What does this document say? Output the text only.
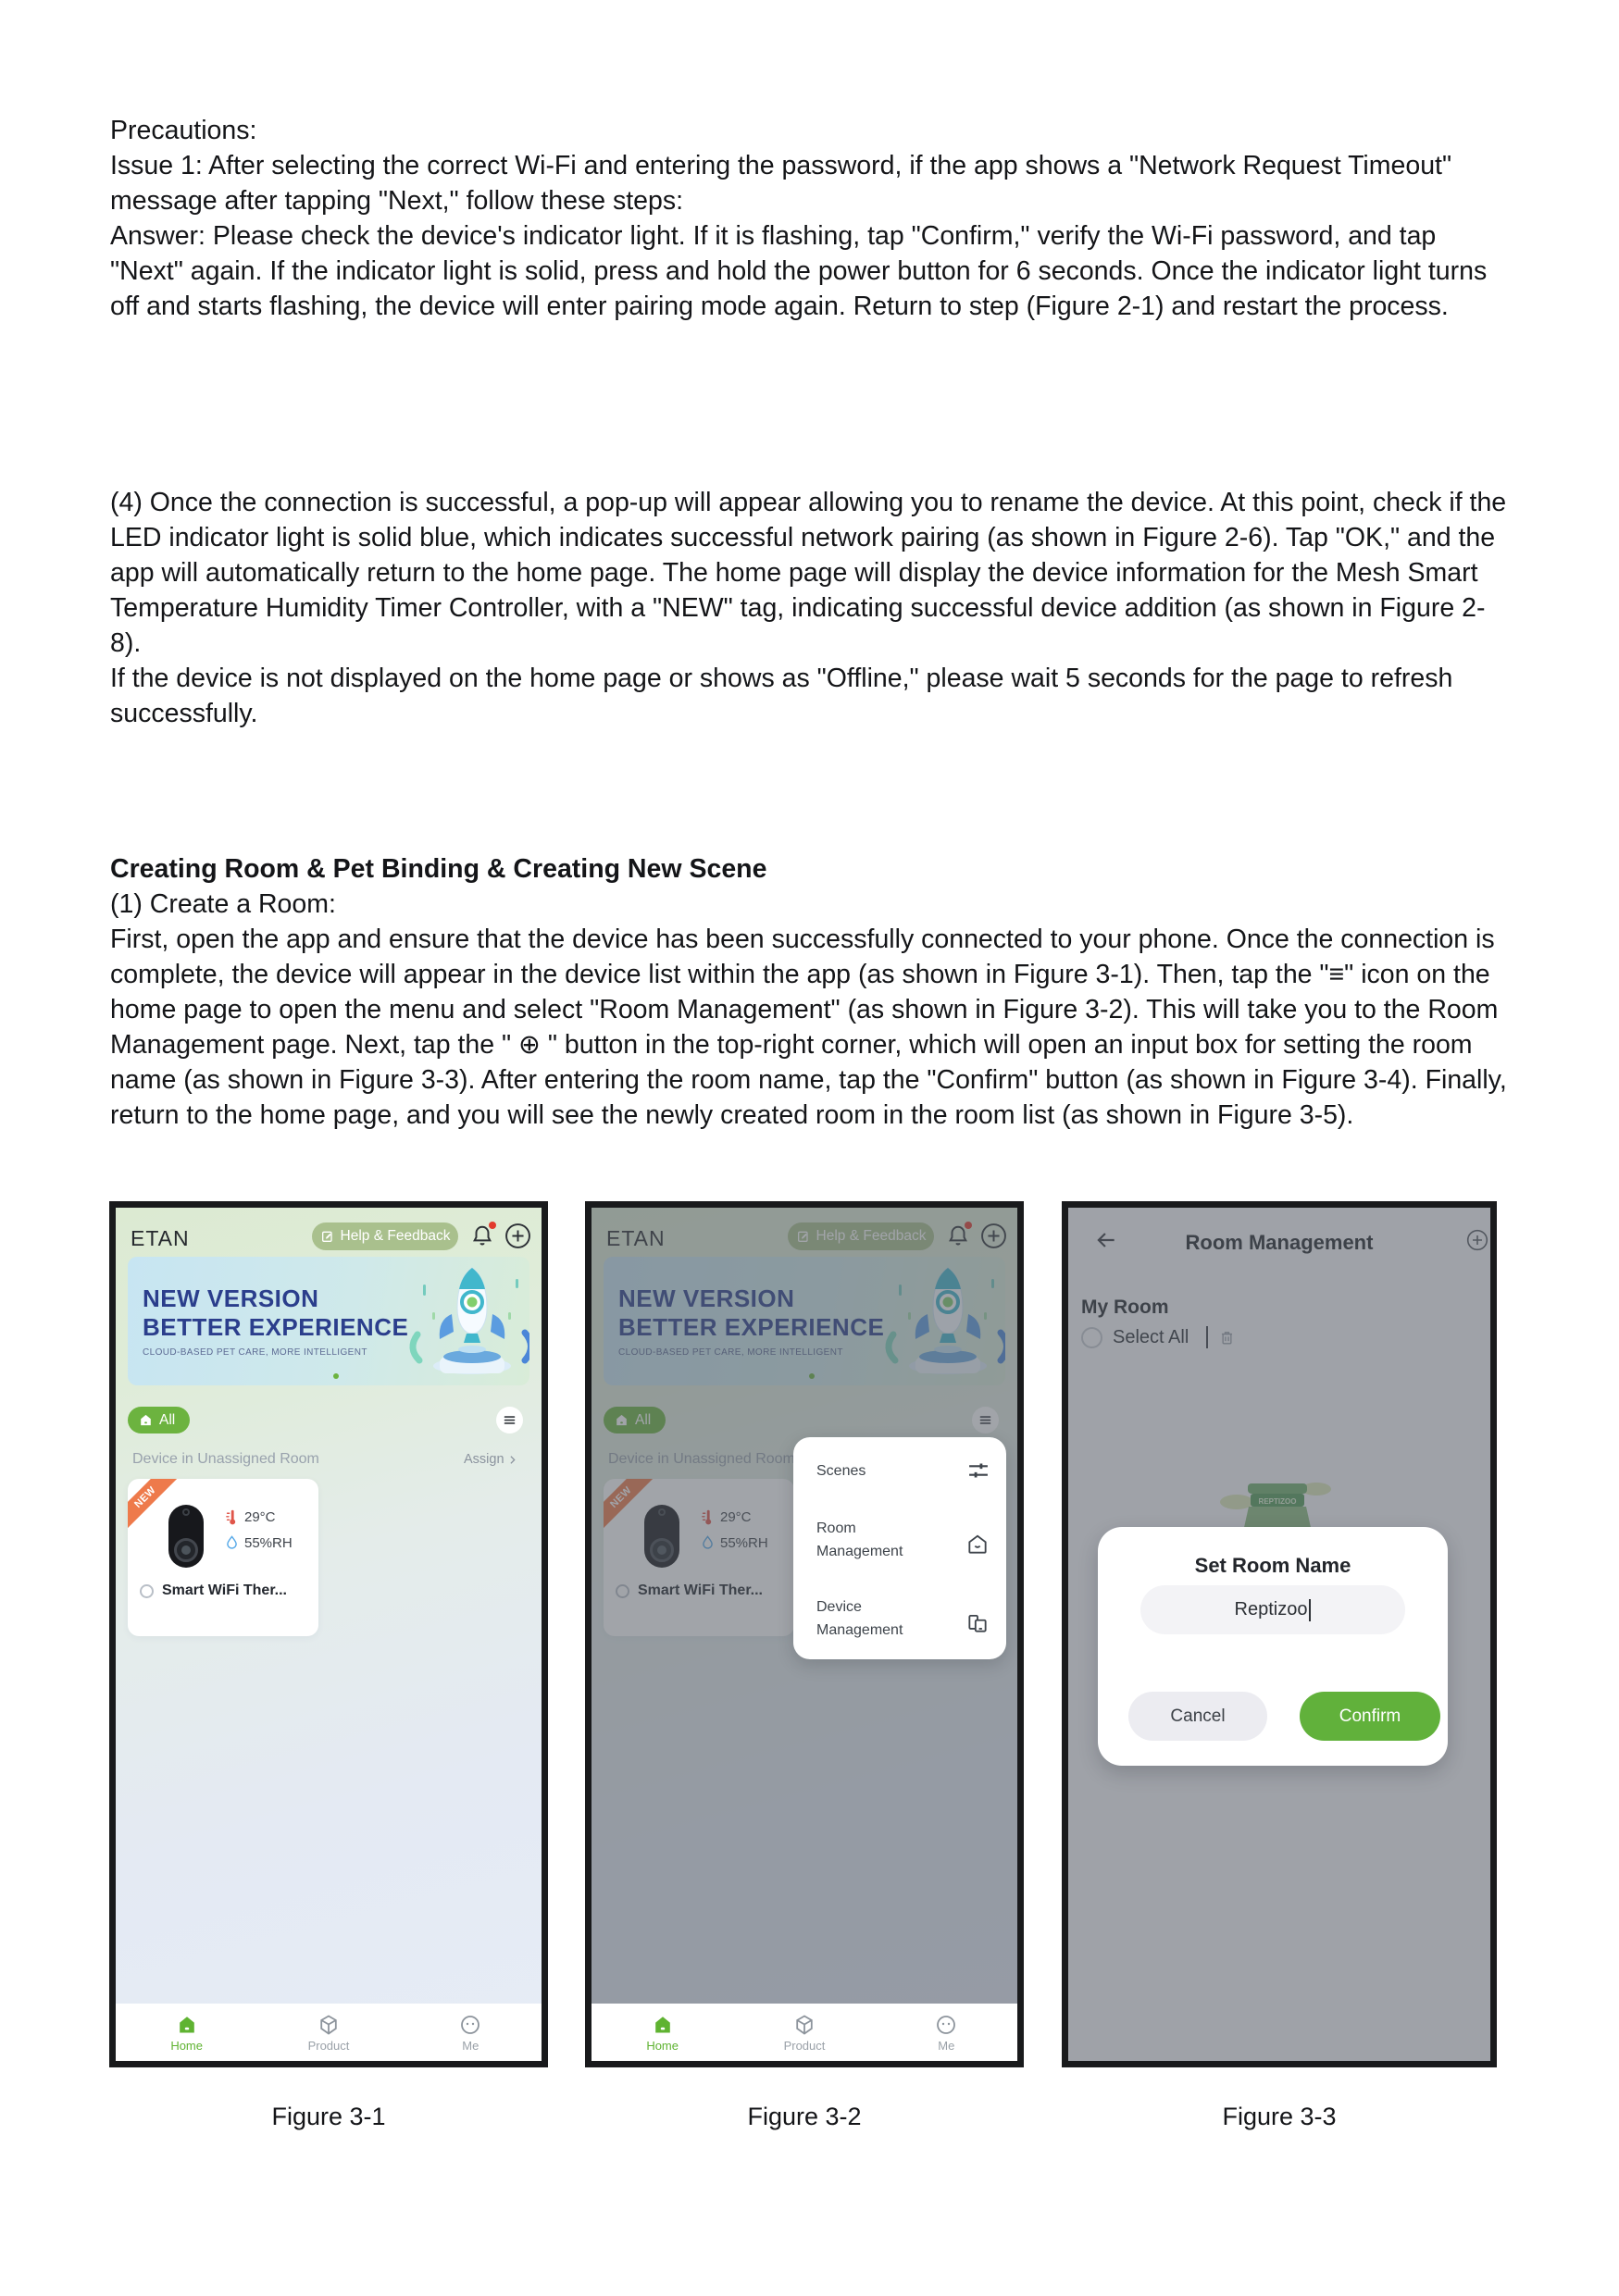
Precautions:
Issue 1: After selecting the correct Wi-Fi and entering the password, if the app shows a "Network Request Timeout" message after tapping "Next," follow these steps:
Answer: Please check the device's indicator light. If it is flashing, tap "Confirm," verify the Wi-Fi password, and tap "Next" again. If the indicator light is solid, press and hold the power button for 6 seconds. Once the indicator light turns off and starts flashing, the device will enter pairing mode again. Return to step (Figure 2-1) and restart the process.
(4) Once the connection is successful, a pop-up will appear allowing you to rename the device. At this point, check if the LED indicator light is solid blue, which indicates successful network pairing (as shown in Figure 2-6). Tap "OK," and the app will automatically return to the home page. The home page will display the device information for the Mesh Smart Temperature Humidity Timer Controller, with a "NEW" tag, indicating successful device addition (as shown in Figure 2-8).
If the device is not displayed on the home page or shows as "Offline," please wait 5 seconds for the page to refresh successfully.
Creating Room & Pet Binding & Creating New Scene
(1) Create a Room:
First, open the app and ensure that the device has been successfully connected to your phone. Once the connection is complete, the device will appear in the device list within the app (as shown in Figure 3-1). Then, tap the "≡" icon on the home page to open the menu and select "Room Management" (as shown in Figure 3-2). This will take you to the Room Management page. Next, tap the " ⊕ " button in the top-right corner, which will open an input box for setting the room name (as shown in Figure 3-3). After entering the room name, tap the "Confirm" button (as shown in Figure 3-4). Finally, return to the home page, and you will see the newly created room in the room list (as shown in Figure 3-5).
ETAN	Help & Feedback
NEW VERSION
BETTER EXPERIENCE
CLOUD-BASED PET CARE, MORE INTELLIGENT
All
Device in Unassigned Room	Assign
NEW
29°C
55%RH
Smart WiFi Ther...
Home	Product	Me
Scenes
Room Management
Device Management
Home	Product	Me
Set Room Name
Reptizoo
Cancel	Confirm
Figure 3-1	Figure 3-2	Figure 3-3
